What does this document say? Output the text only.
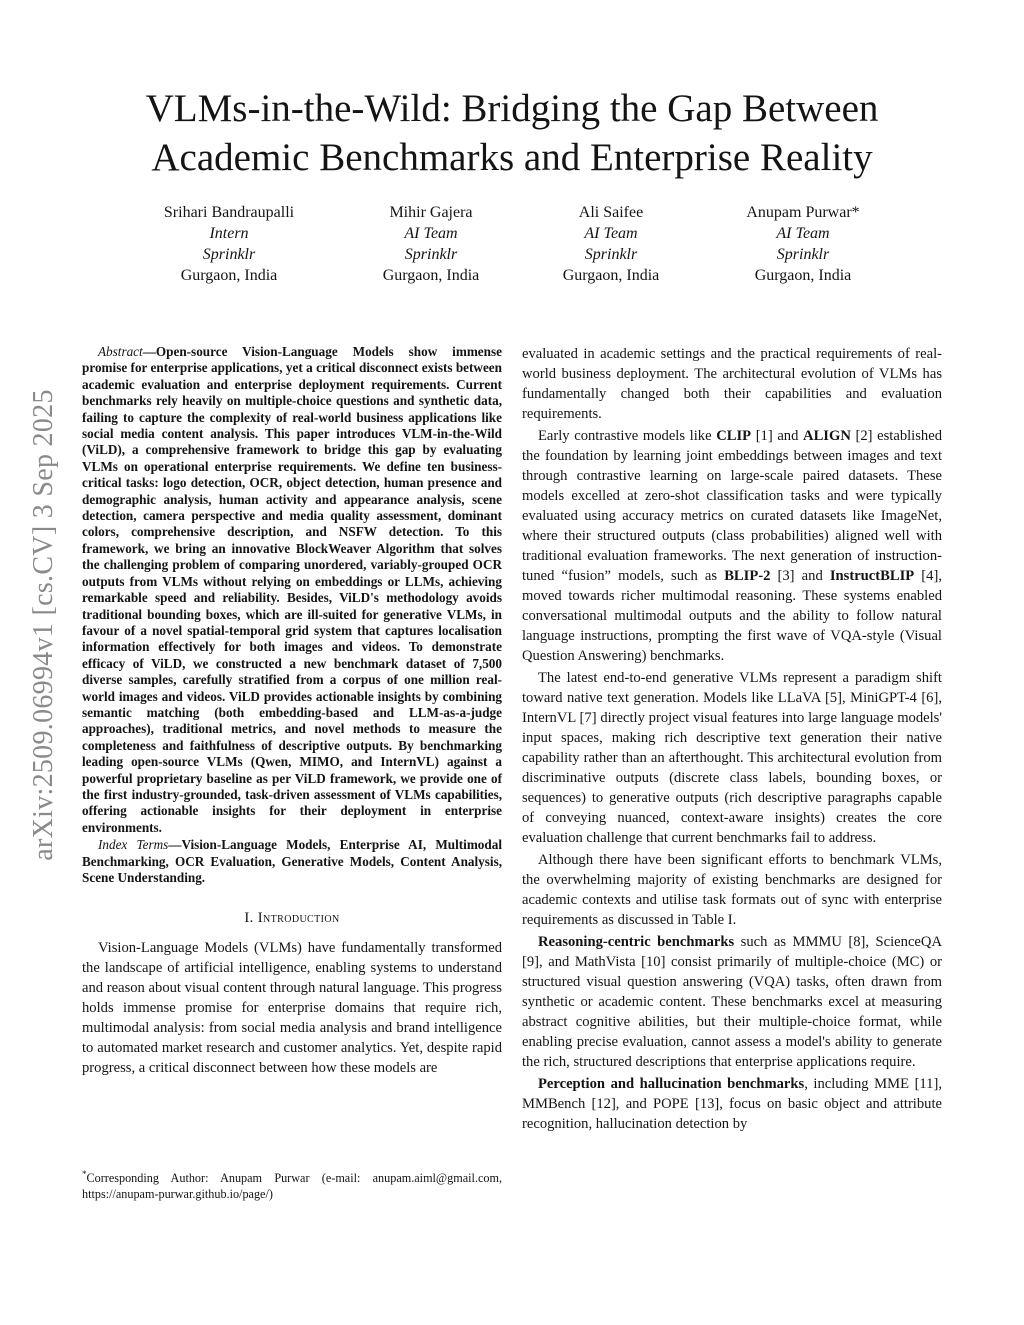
arXiv:2509.06994v1 [cs.CV] 3 Sep 2025
VLMs-in-the-Wild: Bridging the Gap Between
Academic Benchmarks and Enterprise Reality
Srihari Bandraupalli
Intern
Sprinklr
Gurgaon, India
Mihir Gajera
AI Team
Sprinklr
Gurgaon, India
Ali Saifee
AI Team
Sprinklr
Gurgaon, India
Anupam Purwar*
AI Team
Sprinklr
Gurgaon, India

Abstract—Open-source Vision-Language Models show immense promise for enterprise applications, yet a critical disconnect exists between academic evaluation and enterprise deployment requirements. Current benchmarks rely heavily on multiple-choice questions and synthetic data, failing to capture the complexity of real-world business applications like social media content analysis. This paper introduces VLM-in-the-Wild (ViLD), a comprehensive framework to bridge this gap by evaluating VLMs on operational enterprise requirements. We define ten business-critical tasks: logo detection, OCR, object detection, human presence and demographic analysis, human activity and appearance analysis, scene detection, camera perspective and media quality assessment, dominant colors, comprehensive description, and NSFW detection. To this framework, we bring an innovative BlockWeaver Algorithm that solves the challenging problem of comparing unordered, variably-grouped OCR outputs from VLMs without relying on embeddings or LLMs, achieving remarkable speed and reliability. Besides, ViLD's methodology avoids traditional bounding boxes, which are ill-suited for generative VLMs, in favour of a novel spatial-temporal grid system that captures localisation information effectively for both images and videos. To demonstrate efficacy of ViLD, we constructed a new benchmark dataset of 7,500 diverse samples, carefully stratified from a corpus of one million real-world images and videos. ViLD provides actionable insights by combining semantic matching (both embedding-based and LLM-as-a-judge approaches), traditional metrics, and novel methods to measure the completeness and faithfulness of descriptive outputs. By benchmarking leading open-source VLMs (Qwen, MIMO, and InternVL) against a powerful proprietary baseline as per ViLD framework, we provide one of the first industry-grounded, task-driven assessment of VLMs capabilities, offering actionable insights for their deployment in enterprise environments.

Index Terms—Vision-Language Models, Enterprise AI, Multimodal Benchmarking, OCR Evaluation, Generative Models, Content Analysis, Scene Understanding.

I. Introduction

Vision-Language Models (VLMs) have fundamentally transformed the landscape of artificial intelligence, enabling systems to understand and reason about visual content through natural language. This progress holds immense promise for enterprise domains that require rich, multimodal analysis: from social media analysis and brand intelligence to automated market research and customer analytics. Yet, despite rapid progress, a critical disconnect between how these models are

*Corresponding Author: Anupam Purwar (e-mail: anupam.aiml@gmail.com, https://anupam-purwar.github.io/page/)

evaluated in academic settings and the practical requirements of real-world business deployment. The architectural evolution of VLMs has fundamentally changed both their capabilities and evaluation requirements.

Early contrastive models like CLIP [1] and ALIGN [2] established the foundation by learning joint embeddings between images and text through contrastive learning on large-scale paired datasets. These models excelled at zero-shot classification tasks and were typically evaluated using accuracy metrics on curated datasets like ImageNet, where their structured outputs (class probabilities) aligned well with traditional evaluation frameworks. The next generation of instruction-tuned “fusion” models, such as BLIP-2 [3] and InstructBLIP [4], moved towards richer multimodal reasoning. These systems enabled conversational multimodal outputs and the ability to follow natural language instructions, prompting the first wave of VQA-style (Visual Question Answering) benchmarks.

The latest end-to-end generative VLMs represent a paradigm shift toward native text generation. Models like LLaVA [5], MiniGPT-4 [6], InternVL [7] directly project visual features into large language models' input spaces, making rich descriptive text generation their native capability rather than an afterthought. This architectural evolution from discriminative outputs (discrete class labels, bounding boxes, or sequences) to generative outputs (rich descriptive paragraphs capable of conveying nuanced, context-aware insights) creates the core evaluation challenge that current benchmarks fail to address.

Although there have been significant efforts to benchmark VLMs, the overwhelming majority of existing benchmarks are designed for academic contexts and utilise task formats out of sync with enterprise requirements as discussed in Table I.

Reasoning-centric benchmarks such as MMMU [8], ScienceQA [9], and MathVista [10] consist primarily of multiple-choice (MC) or structured visual question answering (VQA) tasks, often drawn from synthetic or academic content. These benchmarks excel at measuring abstract cognitive abilities, but their multiple-choice format, while enabling precise evaluation, cannot assess a model's ability to generate the rich, structured descriptions that enterprise applications require.

Perception and hallucination benchmarks, including MME [11], MMBench [12], and POPE [13], focus on basic object and attribute recognition, hallucination detection by
